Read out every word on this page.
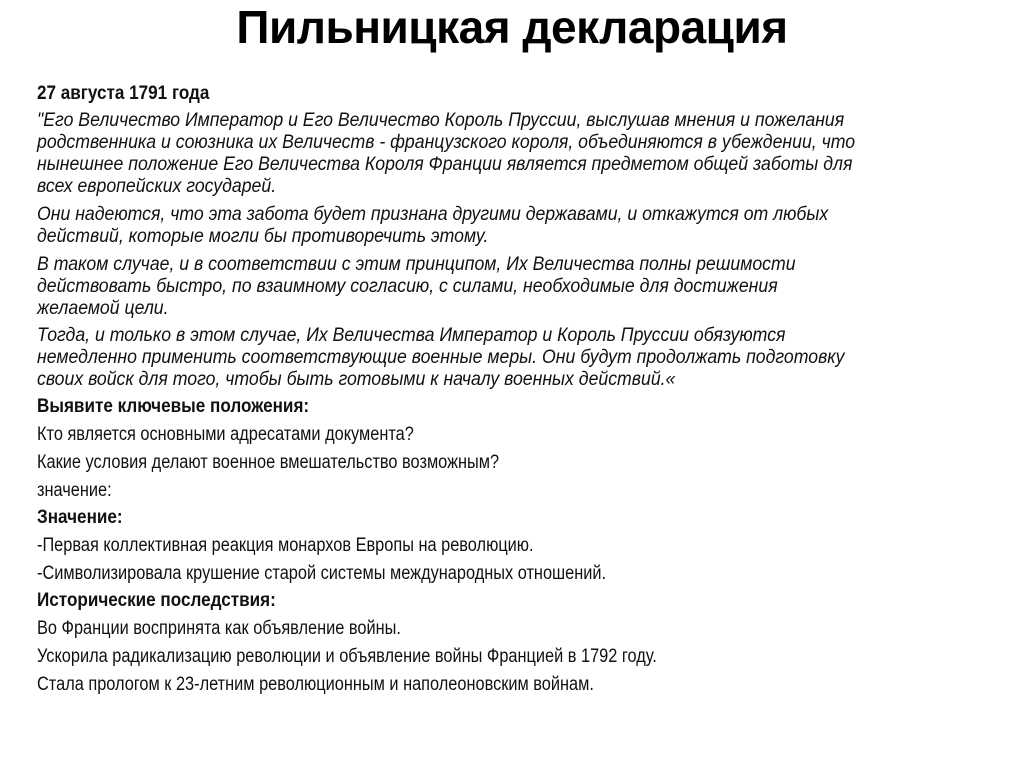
Пильницкая декларация
27 августа 1791 года
"Его Величество Император и Его Величество Король Пруссии, выслушав мнения и пожелания
родственника и союзника их Величеств - французского короля, объединяются в убеждении, что
нынешнее положение Его Величества Короля Франции является предметом общей заботы для
всех европейских государей.
Они надеются, что эта забота будет признана другими державами, и откажутся от любых
действий, которые могли бы противоречить этому.
В таком случае, и в соответствии с этим принципом, Их Величества полны решимости
действовать быстро, по взаимному согласию, с силами, необходимые для достижения
желаемой цели.
Тогда, и только в этом случае, Их Величества Император и Король Пруссии обязуются
немедленно применить соответствующие военные меры. Они будут продолжать подготовку
своих войск для того, чтобы быть готовыми к началу военных действий.«
Выявите ключевые положения:
Кто является основными адресатами документа?
Какие условия делают военное вмешательство возможным?
значение:
Значение:
-Первая коллективная реакция монархов Европы на революцию.
-Символизировала крушение старой системы международных отношений.
Исторические последствия:
Во Франции воспринята как объявление войны.
Ускорила радикализацию революции и объявление войны Францией в 1792 году.
Стала прологом к 23-летним революционным и наполеоновским войнам.
